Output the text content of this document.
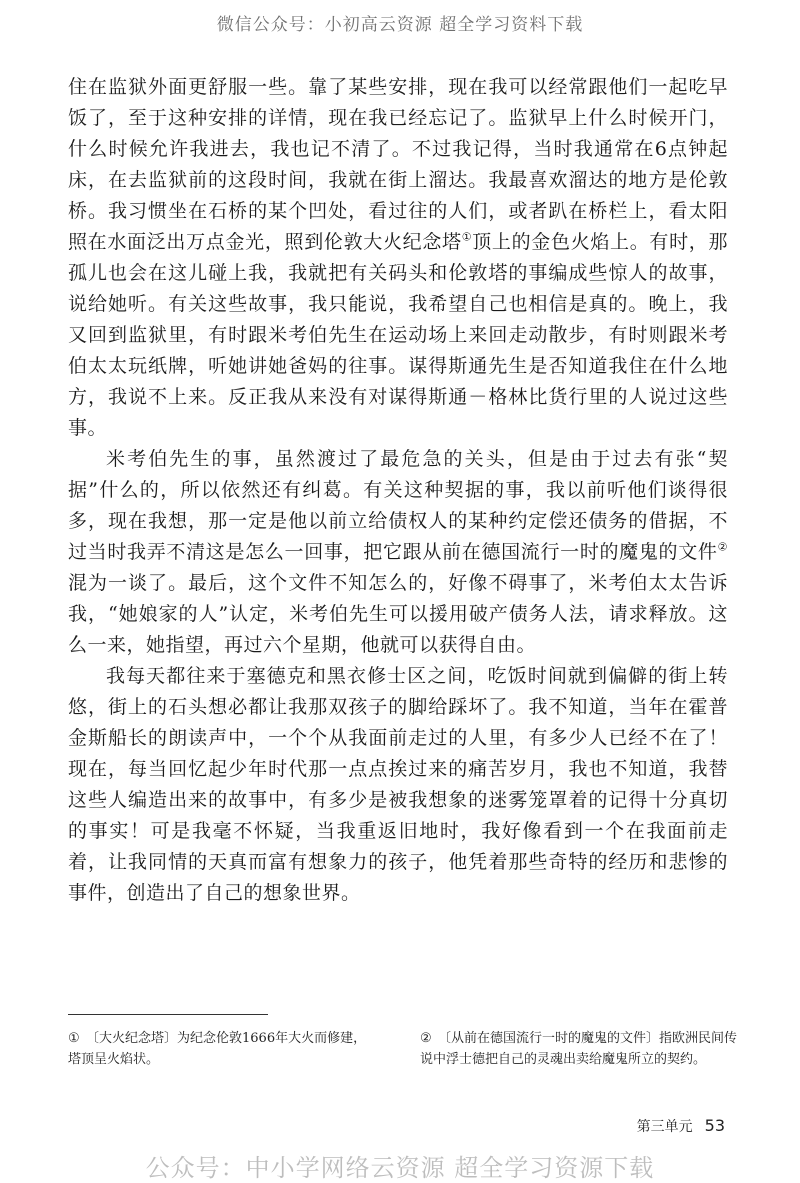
微信公众号：小初高云资源 超全学习资料下载

住在监狱外面更舒服一些。靠了某些安排，现在我可以经常跟他们一起吃早饭了，至于这种安排的详情，现在我已经忘记了。监狱早上什么时候开门，什么时候允许我进去，我也记不清了。不过我记得，当时我通常在6点钟起床，在去监狱前的这段时间，我就在街上溜达。我最喜欢溜达的地方是伦敦桥。我习惯坐在石桥的某个凹处，看过往的人们，或者趴在桥栏上，看太阳照在水面泛出万点金光，照到伦敦大火纪念塔①顶上的金色火焰上。有时，那孤儿也会在这儿碰上我，我就把有关码头和伦敦塔的事编成些惊人的故事，说给她听。有关这些故事，我只能说，我希望自己也相信是真的。晚上，我又回到监狱里，有时跟米考伯先生在运动场上来回走动散步，有时则跟米考伯太太玩纸牌，听她讲她爸妈的往事。谋得斯通先生是否知道我住在什么地方，我说不上来。反正我从来没有对谋得斯通－格林比货行里的人说过这些事。

米考伯先生的事，虽然渡过了最危急的关头，但是由于过去有张“契据”什么的，所以依然还有纠葛。有关这种契据的事，我以前听他们谈得很多，现在我想，那一定是他以前立给债权人的某种约定偿还债务的借据，不过当时我弄不清这是怎么一回事，把它跟从前在德国流行一时的魔鬼的文件②混为一谈了。最后，这个文件不知怎么的，好像不碍事了，米考伯太太告诉我，“她娘家的人”认定，米考伯先生可以援用破产债务人法，请求释放。这么一来，她指望，再过六个星期，他就可以获得自由。

我每天都往来于塞德克和黑衣修士区之间，吃饭时间就到偏僻的街上转悠，街上的石头想必都让我那双孩子的脚给踩坏了。我不知道，当年在霍普金斯船长的朗读声中，一个个从我面前走过的人里，有多少人已经不在了！现在，每当回忆起少年时代那一点点挨过来的痛苦岁月，我也不知道，我替这些人编造出来的故事中，有多少是被我想象的迷雾笼罩着的记得十分真切的事实！可是我毫不怀疑，当我重返旧地时，我好像看到一个在我面前走着，让我同情的天真而富有想象力的孩子，他凭着那些奇特的经历和悲惨的事件，创造出了自己的想象世界。

① 〔大火纪念塔〕为纪念伦敦1666年大火而修建，塔顶呈火焰状。
② 〔从前在德国流行一时的魔鬼的文件〕指欧洲民间传说中浮士德把自己的灵魂出卖给魔鬼所立的契约。
第三单元 53
公众号：中小学网络云资源 超全学习资源下载
